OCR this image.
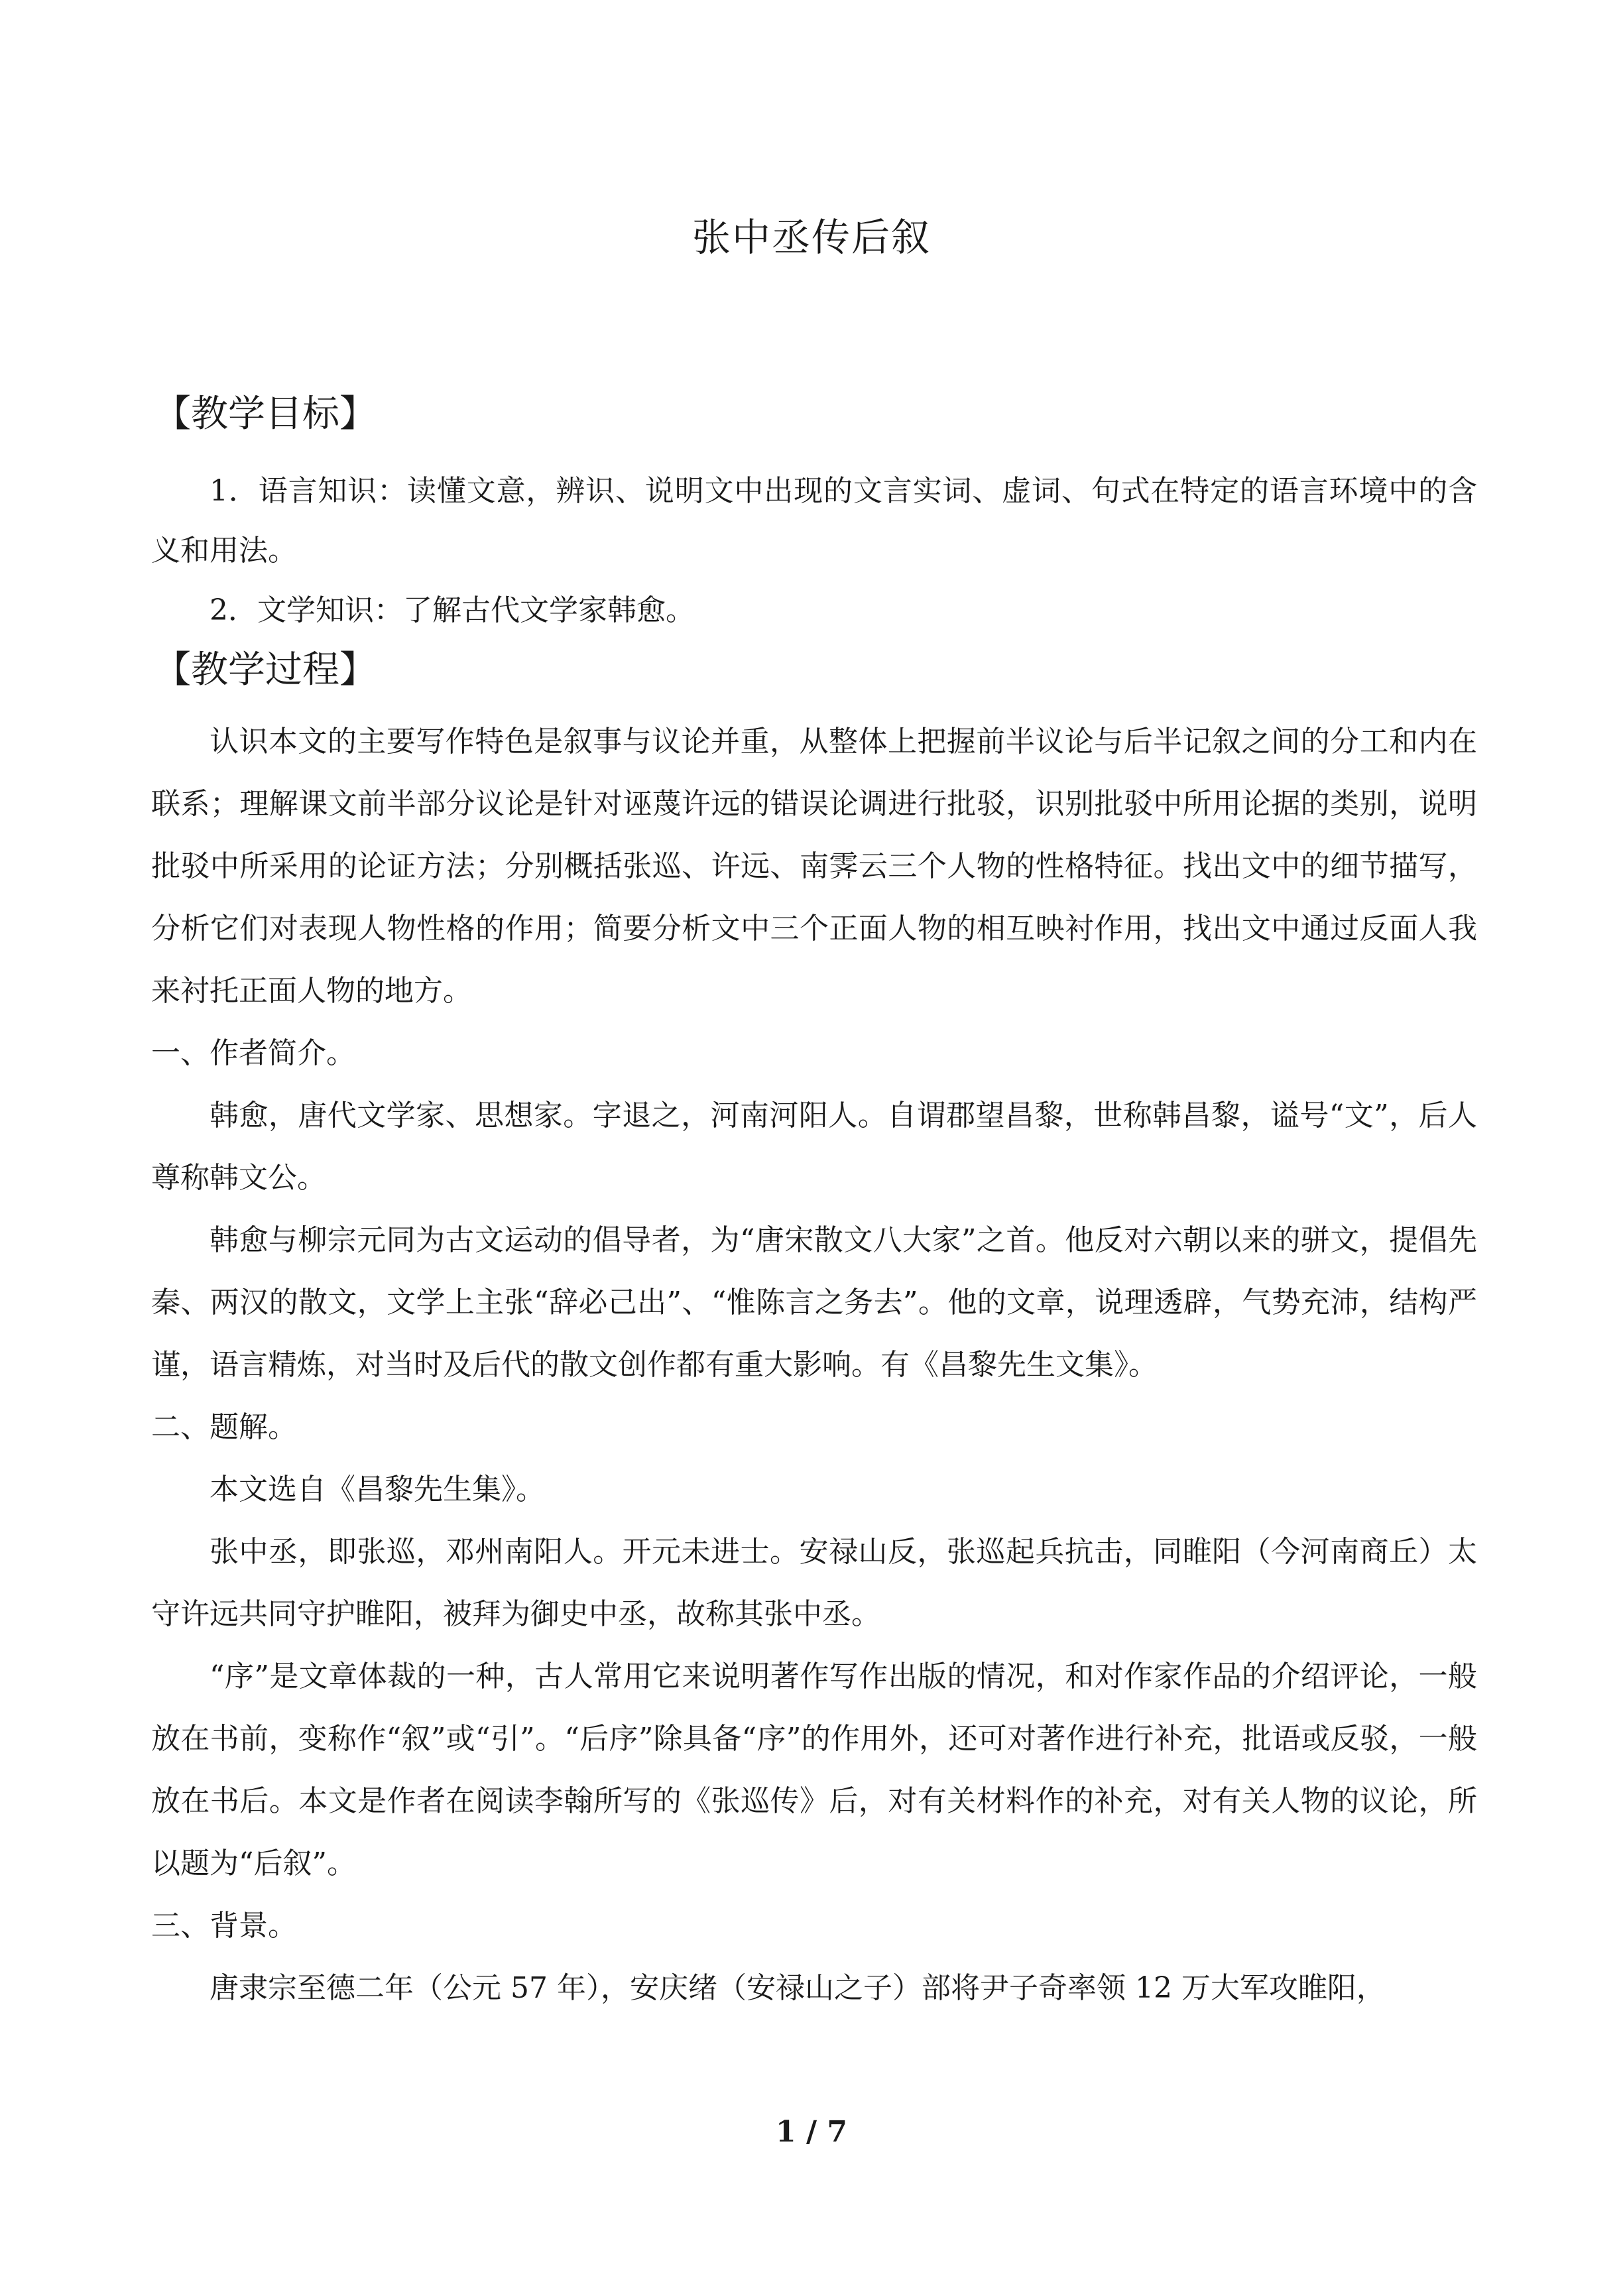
张中丞传后叙
【教学目标】

1．语言知识：读懂文意，辨识、说明文中出现的文言实词、虚词、句式在特定的语言环境中的含义和用法。

2．文学知识：了解古代文学家韩愈。

【教学过程】

认识本文的主要写作特色是叙事与议论并重，从整体上把握前半议论与后半记叙之间的分工和内在联系；理解课文前半部分议论是针对诬蔑许远的错误论调进行批驳，识别批驳中所用论据的类别，说明批驳中所采用的论证方法；分别概括张巡、许远、南霁云三个人物的性格特征。找出文中的细节描写，分析它们对表现人物性格的作用；简要分析文中三个正面人物的相互映衬作用，找出文中通过反面人我来衬托正面人物的地方。

一、作者简介。

韩愈，唐代文学家、思想家。字退之，河南河阳人。自谓郡望昌黎，世称韩昌黎，谥号“文”，后人尊称韩文公。

韩愈与柳宗元同为古文运动的倡导者，为“唐宋散文八大家”之首。他反对六朝以来的骈文，提倡先秦、两汉的散文，文学上主张“辞必己出”、“惟陈言之务去”。他的文章，说理透辟，气势充沛，结构严谨，语言精炼，对当时及后代的散文创作都有重大影响。有《昌黎先生文集》。

二、题解。

本文选自《昌黎先生集》。

张中丞，即张巡，邓州南阳人。开元未进士。安禄山反，张巡起兵抗击，同睢阳（今河南商丘）太守许远共同守护睢阳，被拜为御史中丞，故称其张中丞。

“序”是文章体裁的一种，古人常用它来说明著作写作出版的情况，和对作家作品的介绍评论，一般放在书前，变称作“叙”或“引”。“后序”除具备“序”的作用外，还可对著作进行补充，批语或反驳，一般放在书后。本文是作者在阅读李翰所写的《张巡传》后，对有关材料作的补充，对有关人物的议论，所以题为“后叙”。

三、背景。

唐隶宗至德二年（公元 57 年），安庆绪（安禄山之子）部将尹子奇率领 12 万大军攻睢阳，

1 / 7
